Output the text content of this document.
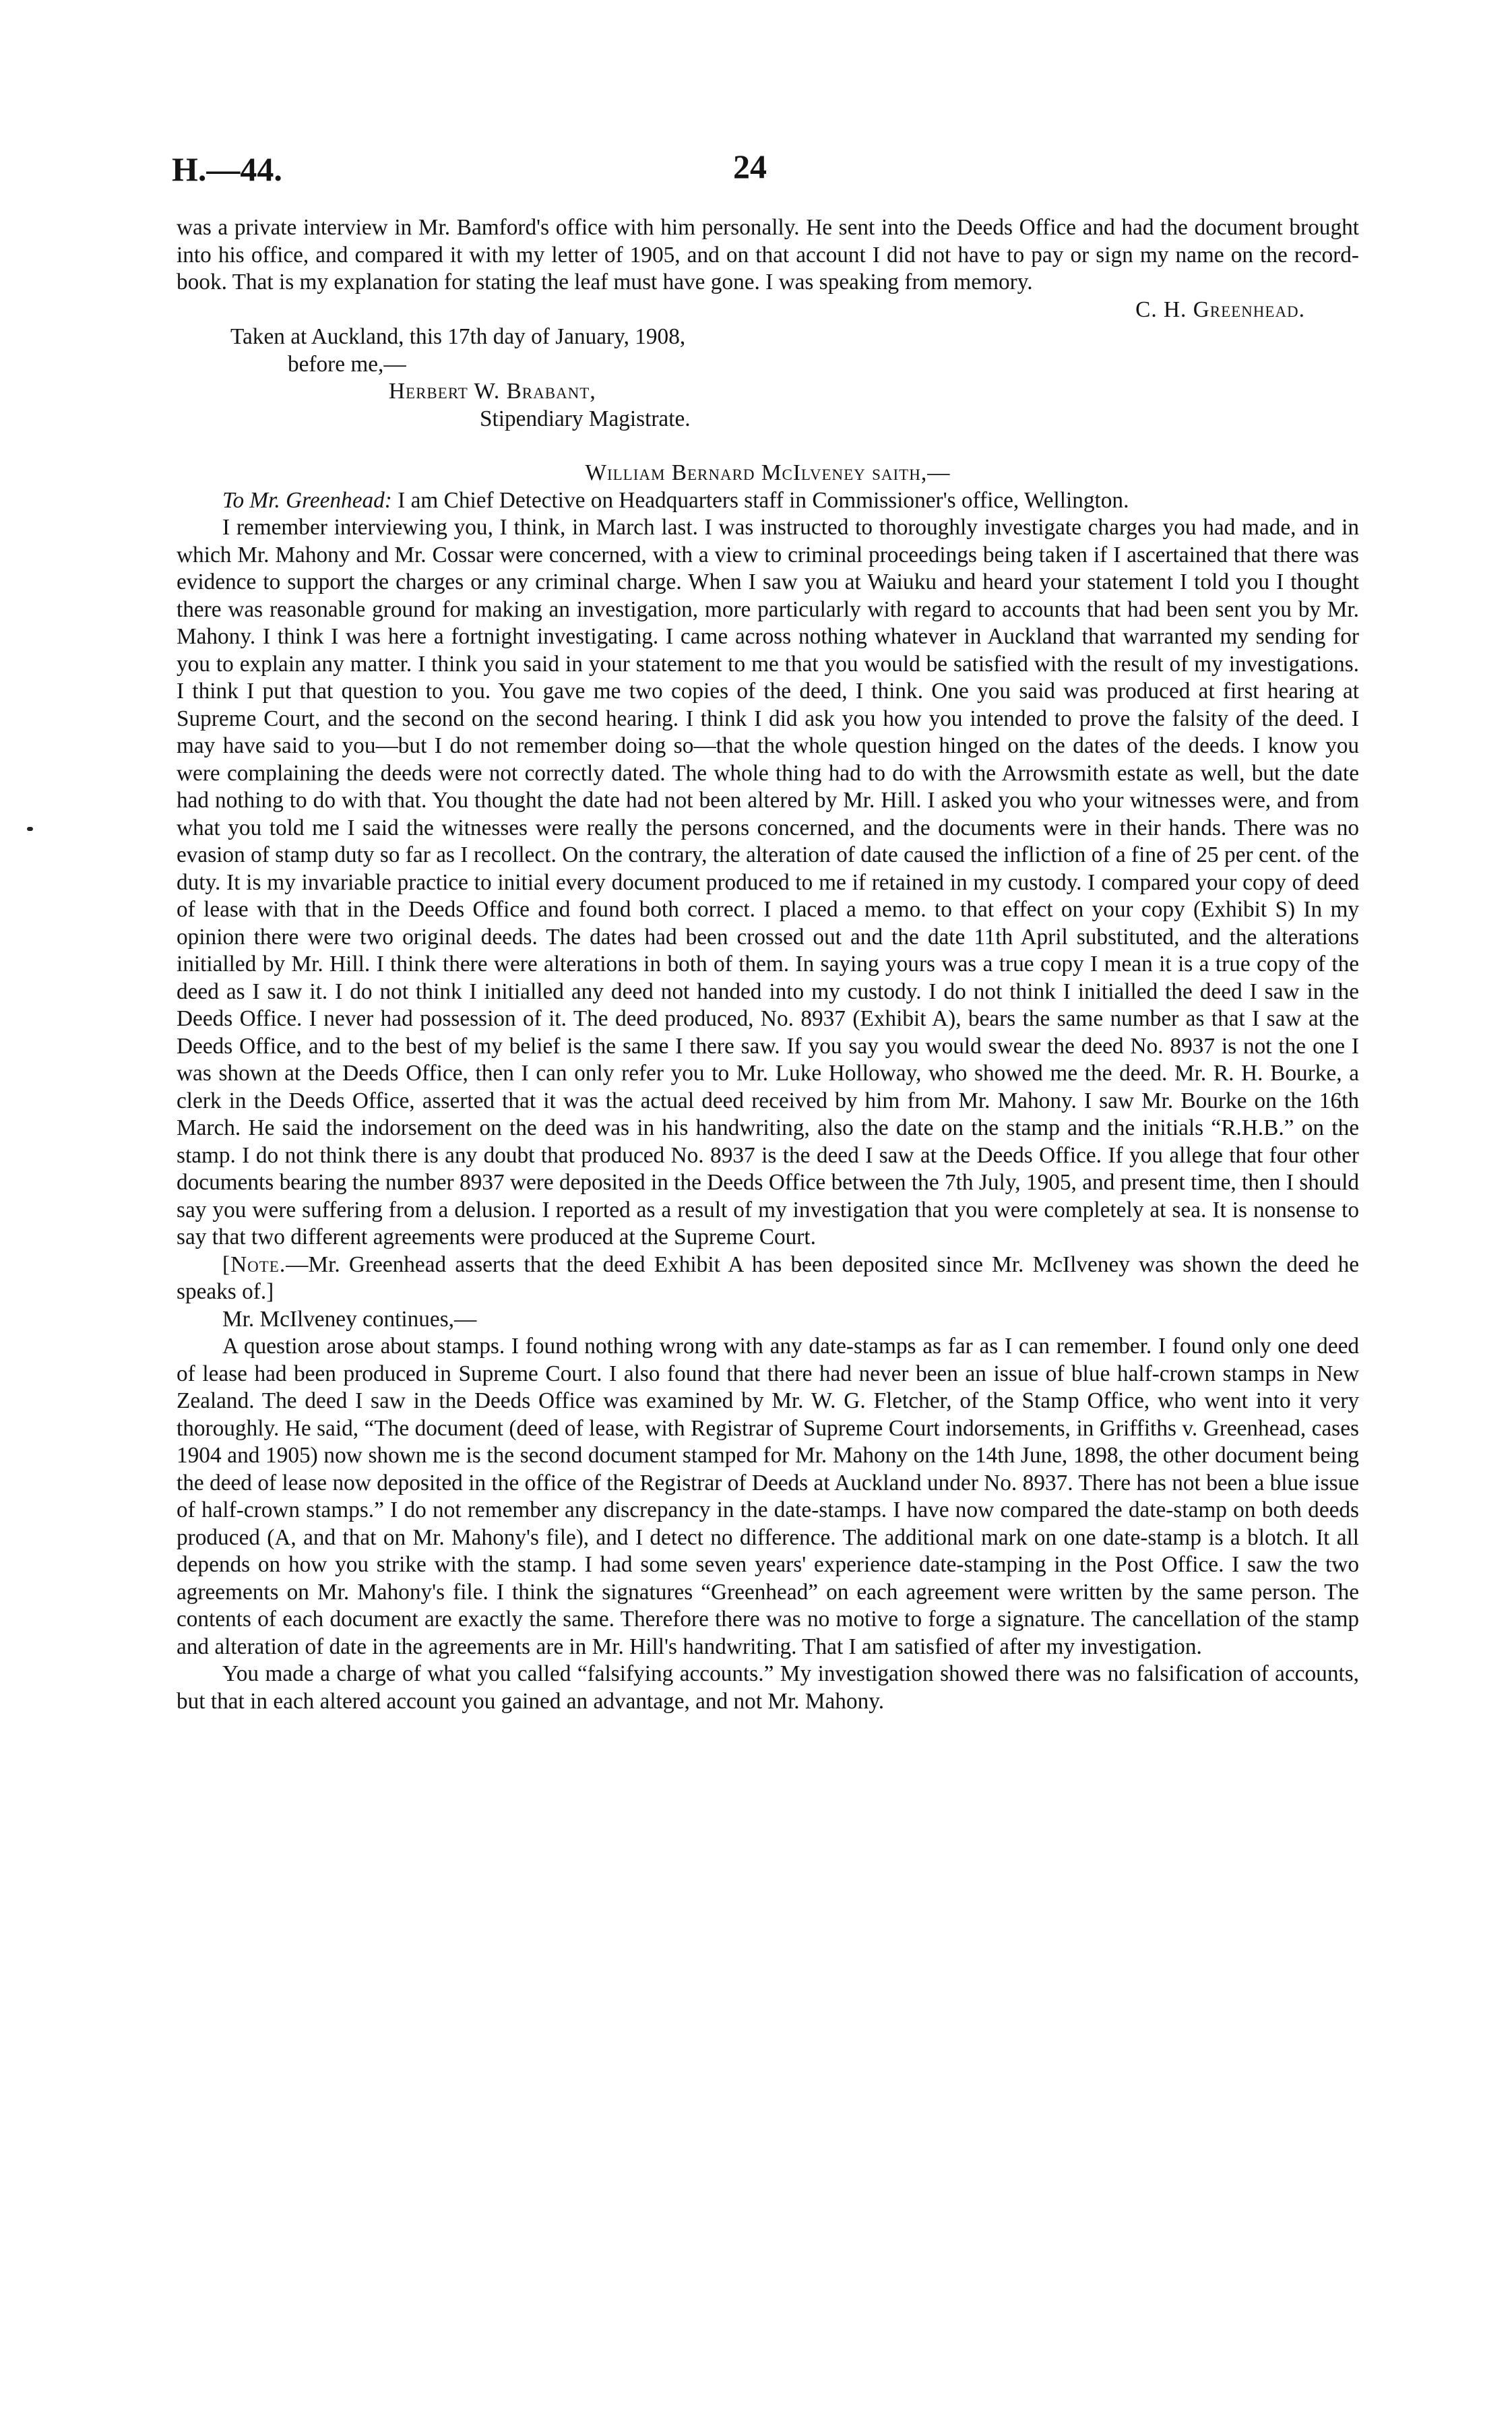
H.—44.	24

was a private interview in Mr. Bamford's office with him personally. He sent into the Deeds Office and had the document brought into his office, and compared it with my letter of 1905, and on that account I did not have to pay or sign my name on the record-book. That is my explanation for stating the leaf must have gone. I was speaking from memory.

C. H. Greenhead.

Taken at Auckland, this 17th day of January, 1908,

before me,—

Herbert W. Brabant,

Stipendiary Magistrate.

William Bernard McIlveney saith,—

To Mr. Greenhead: I am Chief Detective on Headquarters staff in Commissioner's office, Wellington.

I remember interviewing you, I think, in March last. I was instructed to thoroughly investigate charges you had made, and in which Mr. Mahony and Mr. Cossar were concerned, with a view to criminal proceedings being taken if I ascertained that there was evidence to support the charges or any criminal charge. When I saw you at Waiuku and heard your statement I told you I thought there was reasonable ground for making an investigation, more particularly with regard to accounts that had been sent you by Mr. Mahony. I think I was here a fortnight investigating. I came across nothing whatever in Auckland that warranted my sending for you to explain any matter. I think you said in your statement to me that you would be satisfied with the result of my investigations. I think I put that question to you. You gave me two copies of the deed, I think. One you said was produced at first hearing at Supreme Court, and the second on the second hearing. I think I did ask you how you intended to prove the falsity of the deed. I may have said to you—but I do not remember doing so—that the whole question hinged on the dates of the deeds. I know you were complaining the deeds were not correctly dated. The whole thing had to do with the Arrowsmith estate as well, but the date had nothing to do with that. You thought the date had not been altered by Mr. Hill. I asked you who your witnesses were, and from what you told me I said the witnesses were really the persons concerned, and the documents were in their hands. There was no evasion of stamp duty so far as I recollect. On the contrary, the alteration of date caused the infliction of a fine of 25 per cent. of the duty. It is my invariable practice to initial every document produced to me if retained in my custody. I compared your copy of deed of lease with that in the Deeds Office and found both correct. I placed a memo. to that effect on your copy (Exhibit S) In my opinion there were two original deeds. The dates had been crossed out and the date 11th April substituted, and the alterations initialled by Mr. Hill. I think there were alterations in both of them. In saying yours was a true copy I mean it is a true copy of the deed as I saw it. I do not think I initialled any deed not handed into my custody. I do not think I initialled the deed I saw in the Deeds Office. I never had possession of it. The deed produced, No. 8937 (Exhibit A), bears the same number as that I saw at the Deeds Office, and to the best of my belief is the same I there saw. If you say you would swear the deed No. 8937 is not the one I was shown at the Deeds Office, then I can only refer you to Mr. Luke Holloway, who showed me the deed. Mr. R. H. Bourke, a clerk in the Deeds Office, asserted that it was the actual deed received by him from Mr. Mahony. I saw Mr. Bourke on the 16th March. He said the indorsement on the deed was in his handwriting, also the date on the stamp and the initials “R.H.B.” on the stamp. I do not think there is any doubt that produced No. 8937 is the deed I saw at the Deeds Office. If you allege that four other documents bearing the number 8937 were deposited in the Deeds Office between the 7th July, 1905, and present time, then I should say you were suffering from a delusion. I reported as a result of my investigation that you were completely at sea. It is nonsense to say that two different agreements were produced at the Supreme Court.

[Note.—Mr. Greenhead asserts that the deed Exhibit A has been deposited since Mr. McIlveney was shown the deed he speaks of.]

Mr. McIlveney continues,—

A question arose about stamps. I found nothing wrong with any date-stamps as far as I can remember. I found only one deed of lease had been produced in Supreme Court. I also found that there had never been an issue of blue half-crown stamps in New Zealand. The deed I saw in the Deeds Office was examined by Mr. W. G. Fletcher, of the Stamp Office, who went into it very thoroughly. He said, “The document (deed of lease, with Registrar of Supreme Court indorsements, in Griffiths v. Greenhead, cases 1904 and 1905) now shown me is the second document stamped for Mr. Mahony on the 14th June, 1898, the other document being the deed of lease now deposited in the office of the Registrar of Deeds at Auckland under No. 8937. There has not been a blue issue of half-crown stamps.” I do not remember any discrepancy in the date-stamps. I have now compared the date-stamp on both deeds produced (A, and that on Mr. Mahony's file), and I detect no difference. The additional mark on one date-stamp is a blotch. It all depends on how you strike with the stamp. I had some seven years' experience date-stamping in the Post Office. I saw the two agreements on Mr. Mahony's file. I think the signatures “Greenhead” on each agreement were written by the same person. The contents of each document are exactly the same. Therefore there was no motive to forge a signature. The cancellation of the stamp and alteration of date in the agreements are in Mr. Hill's handwriting. That I am satisfied of after my investigation.

You made a charge of what you called “falsifying accounts.” My investigation showed there was no falsification of accounts, but that in each altered account you gained an advantage, and not Mr. Mahony.
